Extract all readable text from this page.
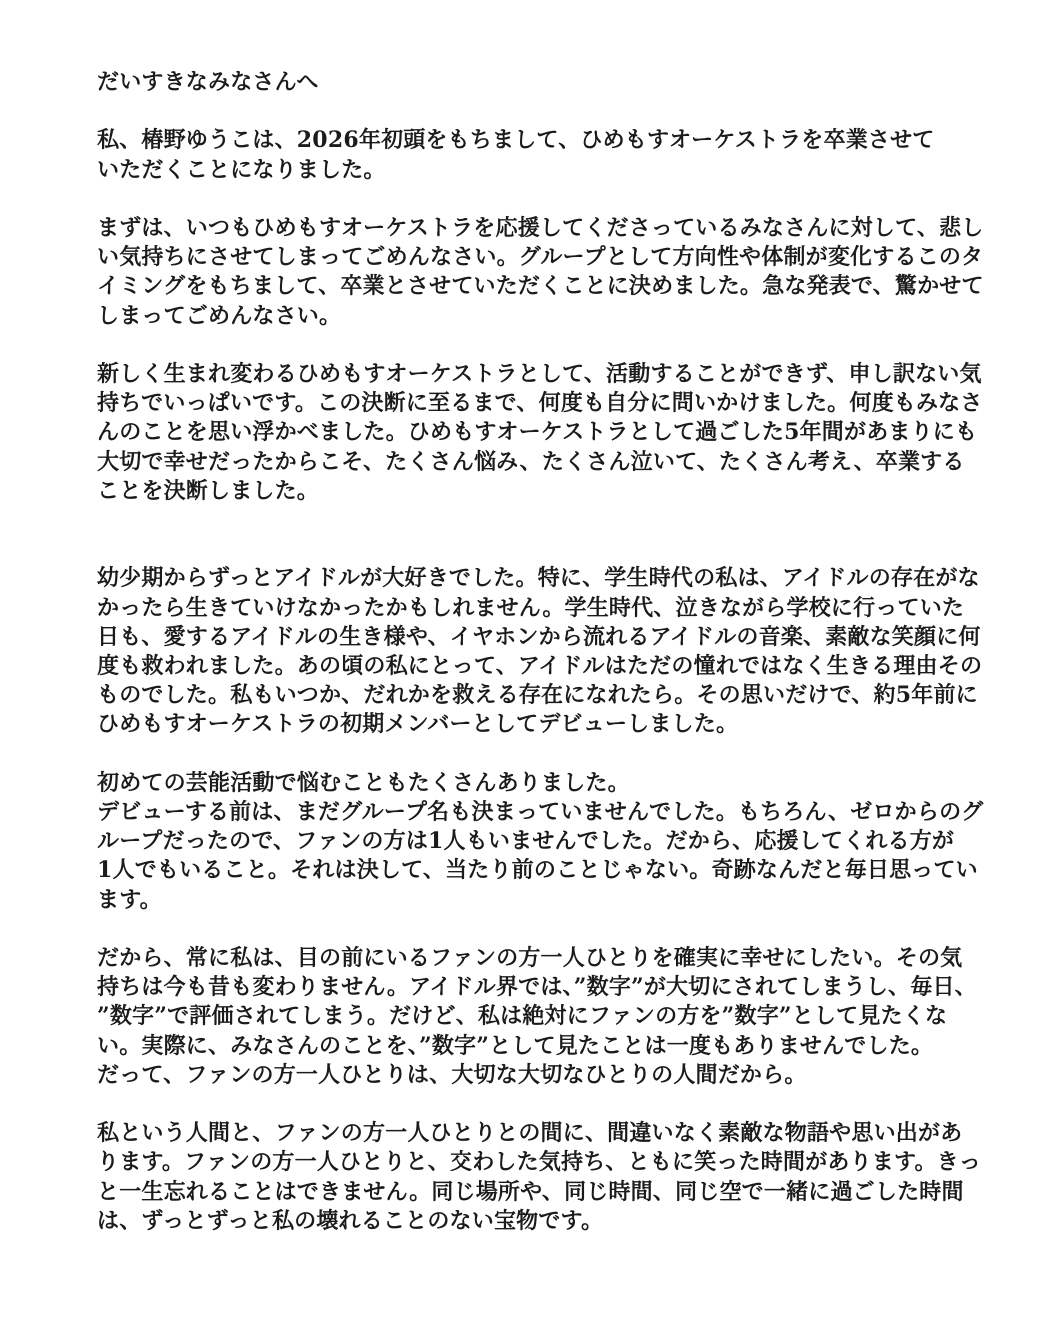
だいすきなみなさんへ

私、椿野ゆうこは、2026年初頭をもちまして、ひめもすオーケストラを卒業させて
いただくことになりました。

まずは、いつもひめもすオーケストラを応援してくださっているみなさんに対して、悲し
い気持ちにさせてしまってごめんなさい。グループとして方向性や体制が変化するこのタ
イミングをもちまして、卒業とさせていただくことに決めました。急な発表で、驚かせて
しまってごめんなさい。

新しく生まれ変わるひめもすオーケストラとして、活動することができず、申し訳ない気
持ちでいっぱいです。この決断に至るまで、何度も自分に問いかけました。何度もみなさ
んのことを思い浮かべました。ひめもすオーケストラとして過ごした5年間があまりにも
大切で幸せだったからこそ、たくさん悩み、たくさん泣いて、たくさん考え、卒業する
ことを決断しました。

幼少期からずっとアイドルが大好きでした。特に、学生時代の私は、アイドルの存在がな
かったら生きていけなかったかもしれません。学生時代、泣きながら学校に行っていた
日も、愛するアイドルの生き様や、イヤホンから流れるアイドルの音楽、素敵な笑顔に何
度も救われました。あの頃の私にとって、アイドルはただの憧れではなく生きる理由その
ものでした。私もいつか、だれかを救える存在になれたら。その思いだけで、約5年前に
ひめもすオーケストラの初期メンバーとしてデビューしました。

初めての芸能活動で悩むこともたくさんありました。
デビューする前は、まだグループ名も決まっていませんでした。もちろん、ゼロからのグ
ループだったので、ファンの方は1人もいませんでした。だから、応援してくれる方が
1人でもいること。それは決して、当たり前のことじゃない。奇跡なんだと毎日思ってい
ます。

だから、常に私は、目の前にいるファンの方一人ひとりを確実に幸せにしたい。その気
持ちは今も昔も変わりません。アイドル界では、”数字”が大切にされてしまうし、毎日、
”数字”で評価されてしまう。だけど、私は絶対にファンの方を”数字”として見たくな
い。実際に、みなさんのことを、”数字”として見たことは一度もありませんでした。
だって、ファンの方一人ひとりは、大切な大切なひとりの人間だから。

私という人間と、ファンの方一人ひとりとの間に、間違いなく素敵な物語や思い出があ
ります。ファンの方一人ひとりと、交わした気持ち、ともに笑った時間があります。きっ
と一生忘れることはできません。同じ場所や、同じ時間、同じ空で一緒に過ごした時間
は、ずっとずっと私の壊れることのない宝物です。
